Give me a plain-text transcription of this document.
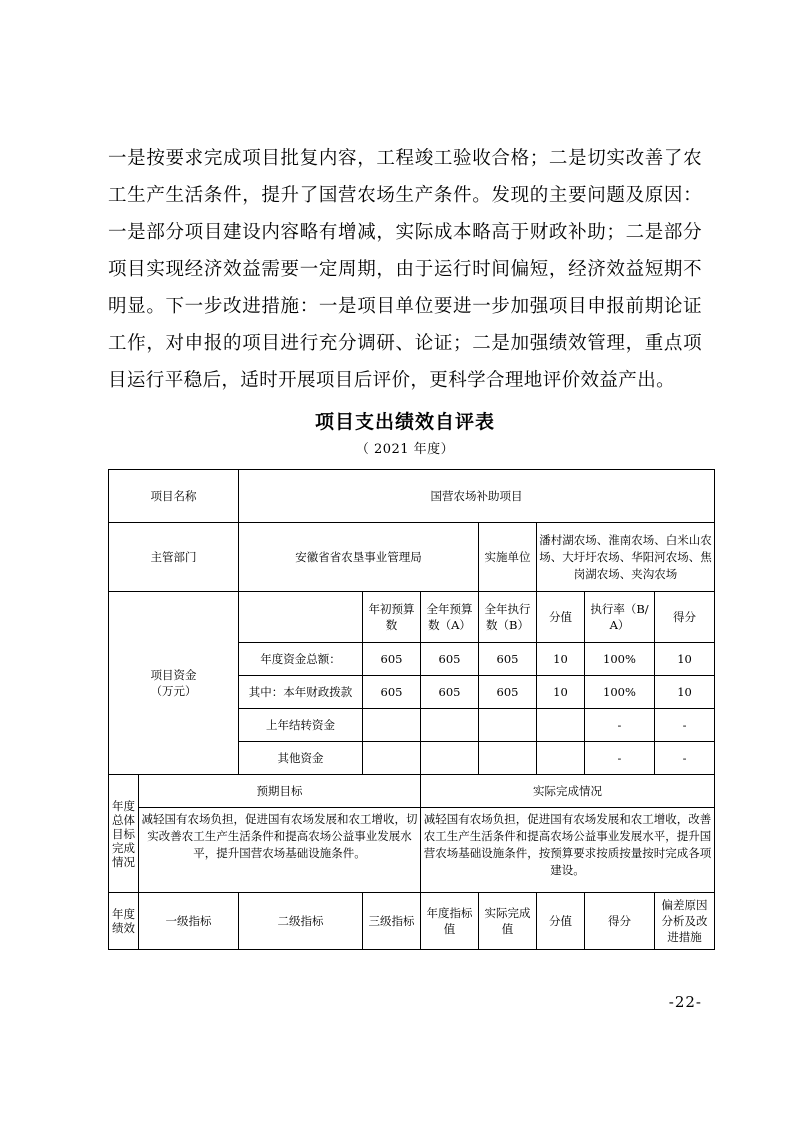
一是按要求完成项目批复内容，工程竣工验收合格；二是切实改善了农工生产生活条件，提升了国营农场生产条件。发现的主要问题及原因：一是部分项目建设内容略有增减，实际成本略高于财政补助；二是部分项目实现经济效益需要一定周期，由于运行时间偏短，经济效益短期不明显。下一步改进措施：一是项目单位要进一步加强项目申报前期论证工作，对申报的项目进行充分调研、论证；二是加强绩效管理，重点项目运行平稳后，适时开展项目后评价，更科学合理地评价效益产出。

项目支出绩效自评表
（ 2021 年度）
项目名称		国营农场补助项目						
主管部门		安徽省省农垦事业管理局			实施单位	潘村湖农场、淮南农场、白米山农场、大圩圩农场、华阳河农场、焦岗湖农场、夹沟农场		

项目资金
（万元）			年初预算数	全年预算数（A）	全年执行数（B）	分值	执行率（B/A）	得分
		年度资金总额：	605	605	605	10	100%	10
		其中：本年财政拨款	605	605	605	10	100%	10
		上年结转资金					-	-
		其他资金					-	-
年度总体目标完成情况	预期目标			实际完成情况				
	减轻国有农场负担，促进国有农场发展和农工增收，切实改善农工生产生活条件和提高农场公益事业发展水平，提升国营农场基础设施条件。			减轻国有农场负担，促进国有农场发展和农工增收，改善农工生产生活条件和提高农场公益事业发展水平，提升国营农场基础设施条件，按预算要求按质按量按时完成各项建设。				
年度绩效	一级指标	二级指标	三级指标	年度指标值	实际完成值	分值	得分	偏差原因分析及改进措施
-22-
